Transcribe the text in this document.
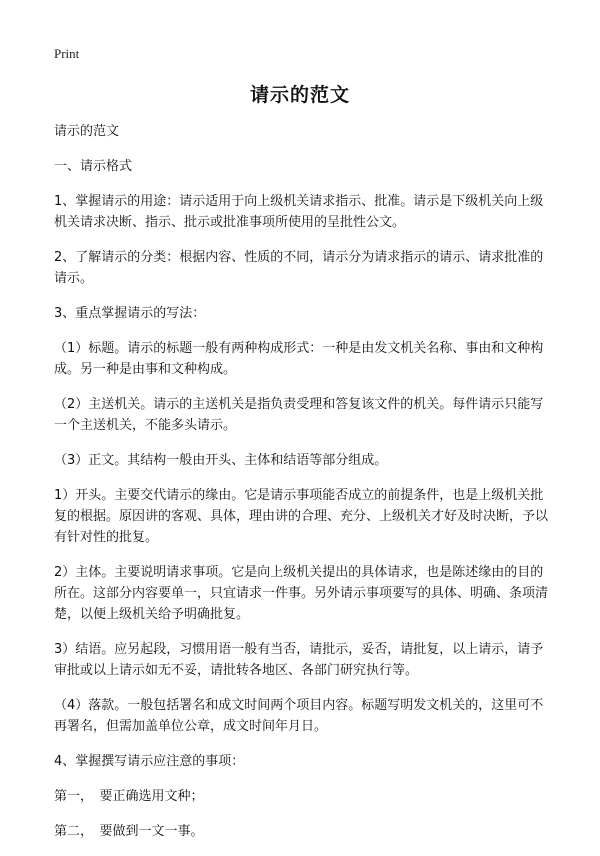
Print
请示的范文

请示的范文

一、请示格式

1、掌握请示的用途：请示适用于向上级机关请求指示、批准。请示是下级机关向上级机关请求决断、指示、批示或批准事项所使用的呈批性公文。

2、了解请示的分类：根据内容、性质的不同，请示分为请求指示的请示、请求批准的请示。

3、重点掌握请示的写法：

（1）标题。请示的标题一般有两种构成形式：一种是由发文机关名称、事由和文种构成。另一种是由事和文种构成。

（2）主送机关。请示的主送机关是指负责受理和答复该文件的机关。每件请示只能写一个主送机关，不能多头请示。

（3）正文。其结构一般由开头、主体和结语等部分组成。

1）开头。主要交代请示的缘由。它是请示事项能否成立的前提条件，也是上级机关批复的根据。原因讲的客观、具体，理由讲的合理、充分、上级机关才好及时决断，予以有针对性的批复。

2）主体。主要说明请求事项。它是向上级机关提出的具体请求，也是陈述缘由的目的所在。这部分内容要单一，只宜请求一件事。另外请示事项要写的具体、明确、条项清楚，以便上级机关给予明确批复。

3）结语。应另起段，习惯用语一般有当否，请批示，妥否，请批复，以上请示，请予审批或以上请示如无不妥，请批转各地区、各部门研究执行等。

（4）落款。一般包括署名和成文时间两个项目内容。标题写明发文机关的，这里可不再署名，但需加盖单位公章，成文时间年月日。

4、掌握撰写请示应注意的事项：

第一，　要正确选用文种；

第二，　要做到一文一事。
